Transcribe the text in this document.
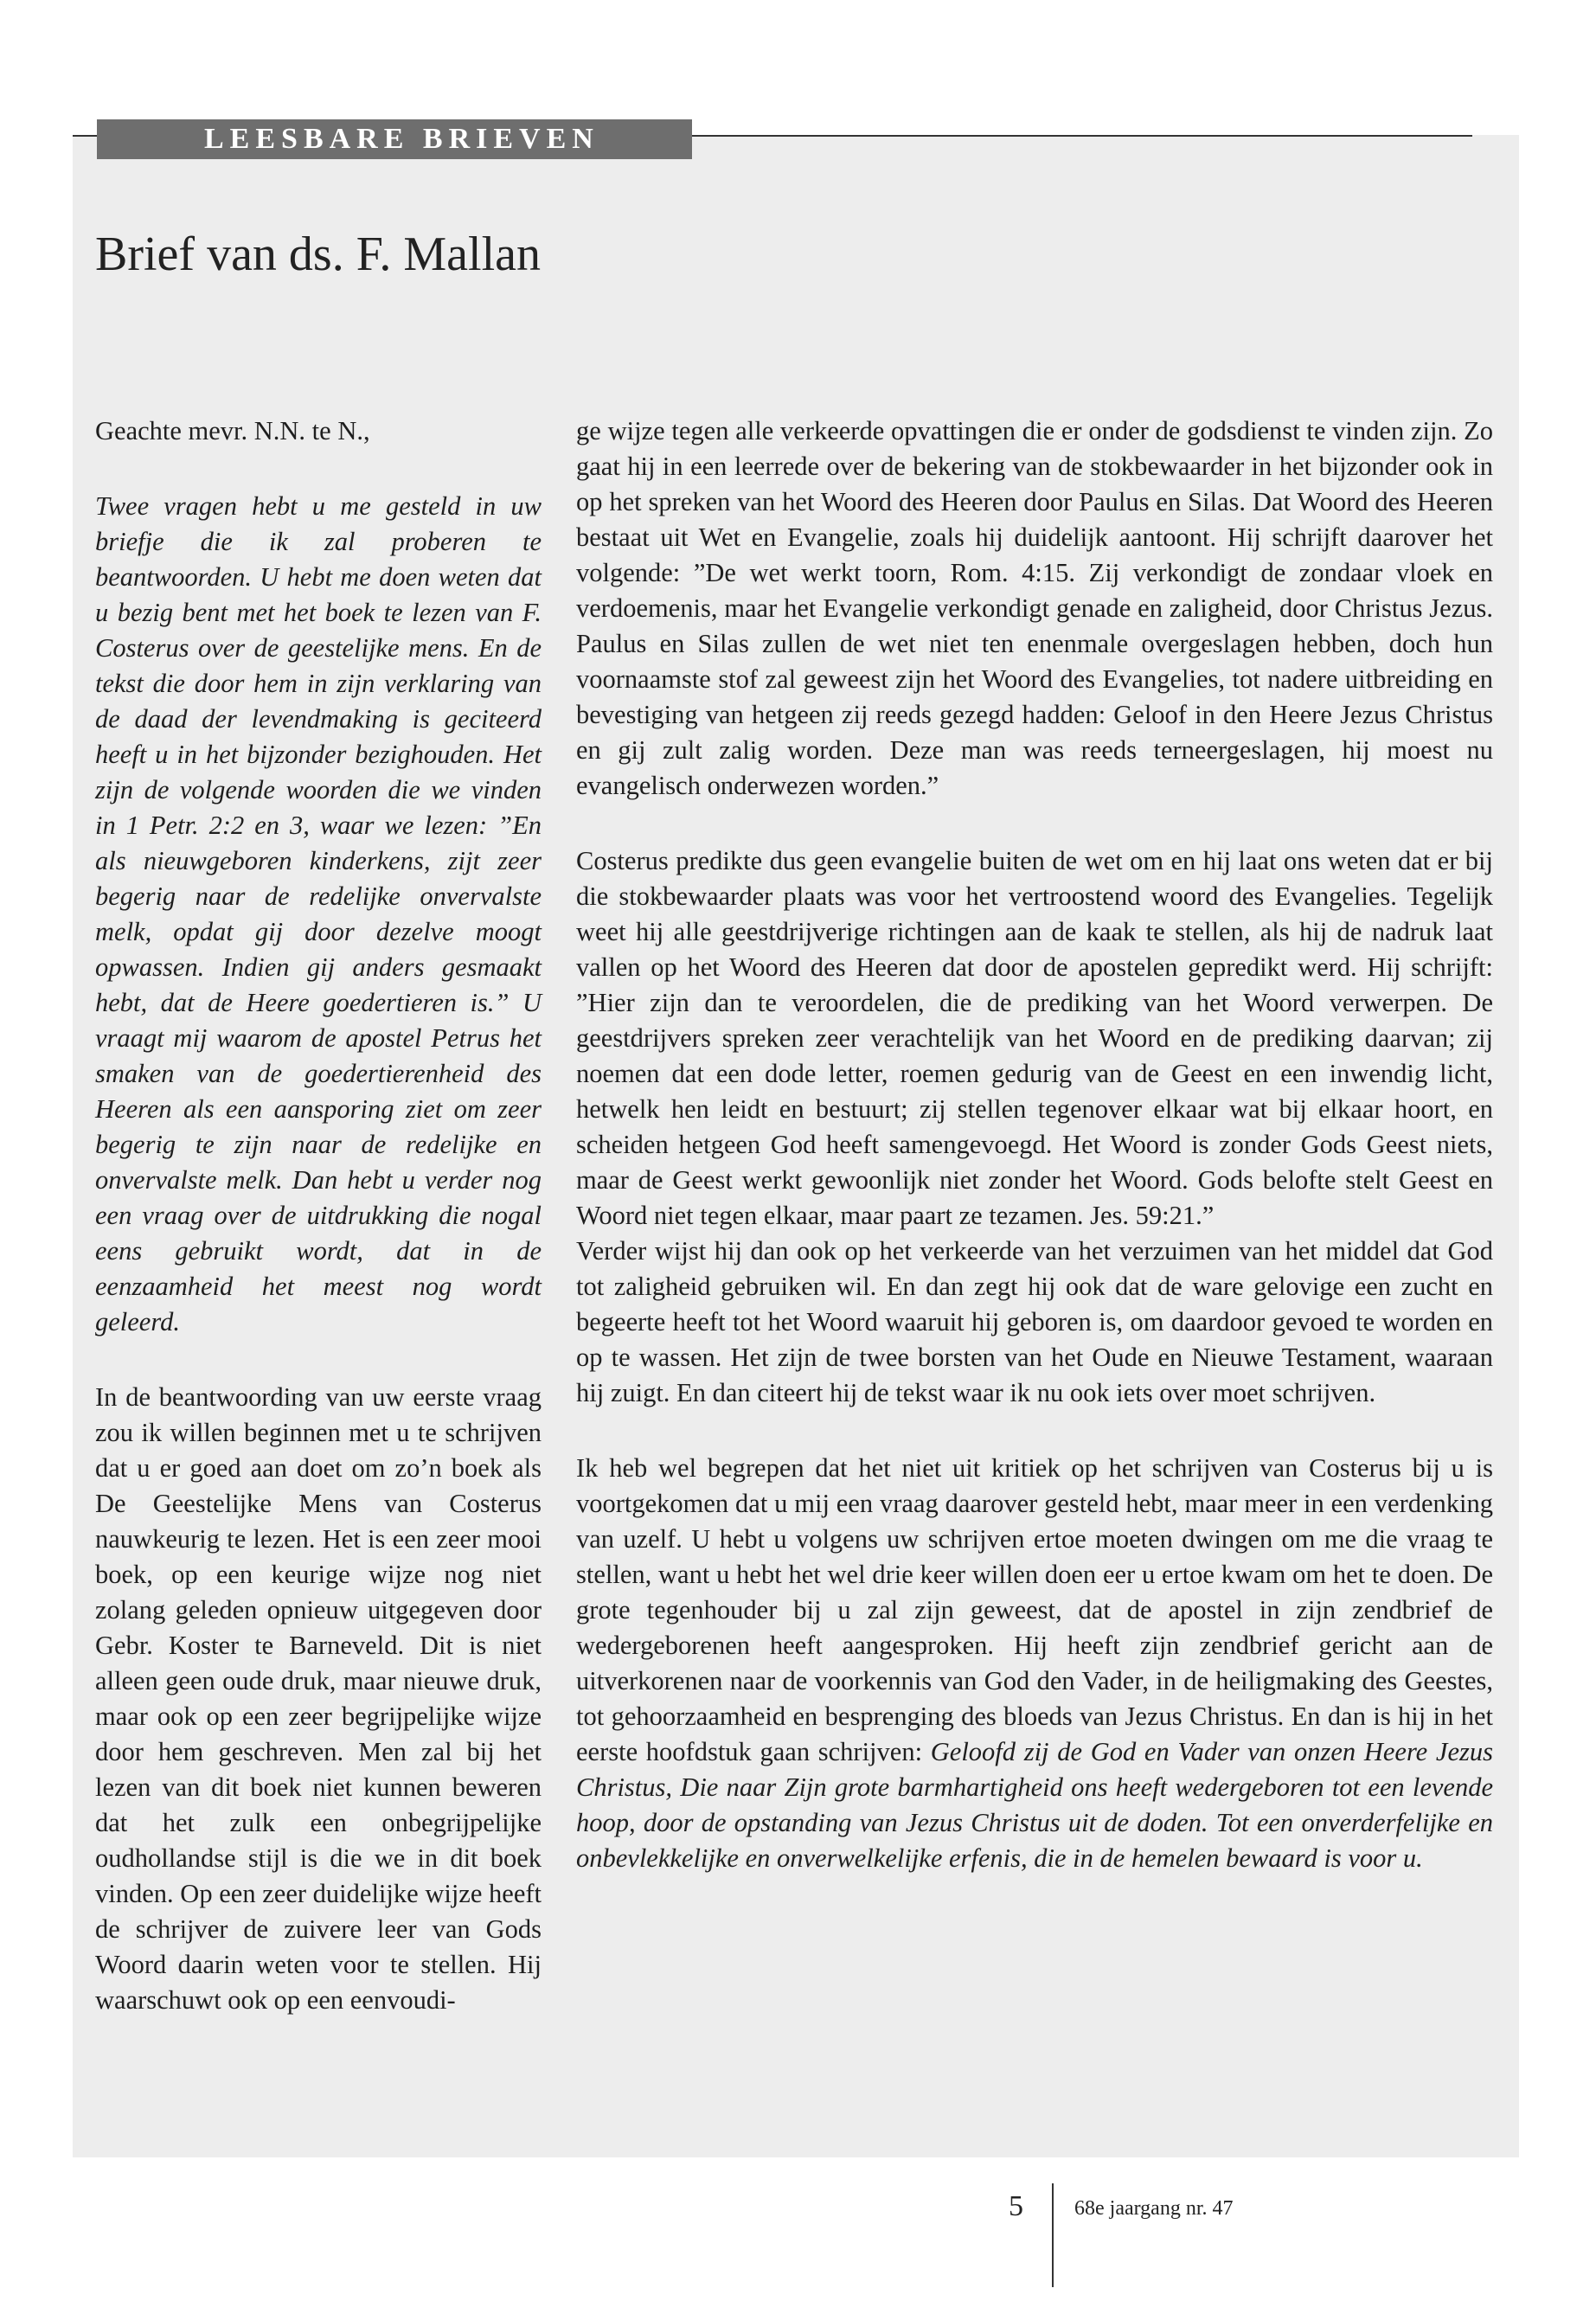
LEESBARE BRIEVEN
Brief van ds. F. Mallan

Geachte mevr. N.N. te N.,

Twee vragen hebt u me gesteld in uw briefje die ik zal proberen te beantwoorden. U hebt me doen weten dat u bezig bent met het boek te lezen van F. Costerus over de geestelijke mens. En de tekst die door hem in zijn verklaring van de daad der levendmaking is geciteerd heeft u in het bijzonder bezighouden. Het zijn de volgende woorden die we vinden in 1 Petr. 2:2 en 3, waar we lezen: ”En als nieuwgeboren kinderkens, zijt zeer begerig naar de redelijke onvervalste melk, opdat gij door dezelve moogt opwassen. Indien gij anders gesmaakt hebt, dat de Heere goedertieren is.” U vraagt mij waarom de apostel Petrus het smaken van de goedertierenheid des Heeren als een aansporing ziet om zeer begerig te zijn naar de redelijke en onvervalste melk. Dan hebt u verder nog een vraag over de uitdrukking die nogal eens gebruikt wordt, dat in de eenzaamheid het meest nog wordt geleerd.

In de beantwoording van uw eerste vraag zou ik willen beginnen met u te schrijven dat u er goed aan doet om zo’n boek als De Geestelijke Mens van Costerus nauwkeurig te lezen. Het is een zeer mooi boek, op een keurige wijze nog niet zolang geleden opnieuw uitgegeven door Gebr. Koster te Barneveld. Dit is niet alleen geen oude druk, maar nieuwe druk, maar ook op een zeer begrijpelijke wijze door hem geschreven. Men zal bij het lezen van dit boek niet kunnen beweren dat het zulk een onbegrijpelijke oudhollandse stijl is die we in dit boek vinden. Op een zeer duidelijke wijze heeft de schrijver de zuivere leer van Gods Woord daarin weten voor te stellen. Hij waarschuwt ook op een eenvoudi-

ge wijze tegen alle verkeerde opvattingen die er onder de godsdienst te vinden zijn. Zo gaat hij in een leerrede over de bekering van de stokbewaarder in het bijzonder ook in op het spreken van het Woord des Heeren door Paulus en Silas. Dat Woord des Heeren bestaat uit Wet en Evangelie, zoals hij duidelijk aantoont. Hij schrijft daarover het volgende: ”De wet werkt toorn, Rom. 4:15. Zij verkondigt de zondaar vloek en verdoemenis, maar het Evangelie verkondigt genade en zaligheid, door Christus Jezus. Paulus en Silas zullen de wet niet ten enenmale overgeslagen hebben, doch hun voornaamste stof zal geweest zijn het Woord des Evangelies, tot nadere uitbreiding en bevestiging van hetgeen zij reeds gezegd hadden: Geloof in den Heere Jezus Christus en gij zult zalig worden. Deze man was reeds terneergeslagen, hij moest nu evangelisch onderwezen worden.”

Costerus predikte dus geen evangelie buiten de wet om en hij laat ons weten dat er bij die stokbewaarder plaats was voor het vertroostend woord des Evangelies. Tegelijk weet hij alle geestdrijverige richtingen aan de kaak te stellen, als hij de nadruk laat vallen op het Woord des Heeren dat door de apostelen gepredikt werd. Hij schrijft: ”Hier zijn dan te veroordelen, die de prediking van het Woord verwerpen. De geestdrijvers spreken zeer verachtelijk van het Woord en de prediking daarvan; zij noemen dat een dode letter, roemen gedurig van de Geest en een inwendig licht, hetwelk hen leidt en bestuurt; zij stellen tegenover elkaar wat bij elkaar hoort, en scheiden hetgeen God heeft samengevoegd. Het Woord is zonder Gods Geest niets, maar de Geest werkt gewoonlijk niet zonder het Woord. Gods belofte stelt Geest en Woord niet tegen elkaar, maar paart ze tezamen. Jes. 59:21.”

Verder wijst hij dan ook op het verkeerde van het verzuimen van het middel dat God tot zaligheid gebruiken wil. En dan zegt hij ook dat de ware gelovige een zucht en begeerte heeft tot het Woord waaruit hij geboren is, om daardoor gevoed te worden en op te wassen. Het zijn de twee borsten van het Oude en Nieuwe Testament, waaraan hij zuigt. En dan citeert hij de tekst waar ik nu ook iets over moet schrijven.

Ik heb wel begrepen dat het niet uit kritiek op het schrijven van Costerus bij u is voortgekomen dat u mij een vraag daarover gesteld hebt, maar meer in een verdenking van uzelf. U hebt u volgens uw schrijven ertoe moeten dwingen om me die vraag te stellen, want u hebt het wel drie keer willen doen eer u ertoe kwam om het te doen. De grote tegenhouder bij u zal zijn geweest, dat de apostel in zijn zendbrief de wedergeborenen heeft aangesproken. Hij heeft zijn zendbrief gericht aan de uitverkorenen naar de voorkennis van God den Vader, in de heiligmaking des Geestes, tot gehoorzaamheid en besprenging des bloeds van Jezus Christus. En dan is hij in het eerste hoofdstuk gaan schrijven: Geloofd zij de God en Vader van onzen Heere Jezus Christus, Die naar Zijn grote barmhartigheid ons heeft wedergeboren tot een levende hoop, door de opstanding van Jezus Christus uit de doden. Tot een onverderfelijke en onbevlekkelijke en onverwelkelijke erfenis, die in de hemelen bewaard is voor u.

5 68e jaargang nr. 47
